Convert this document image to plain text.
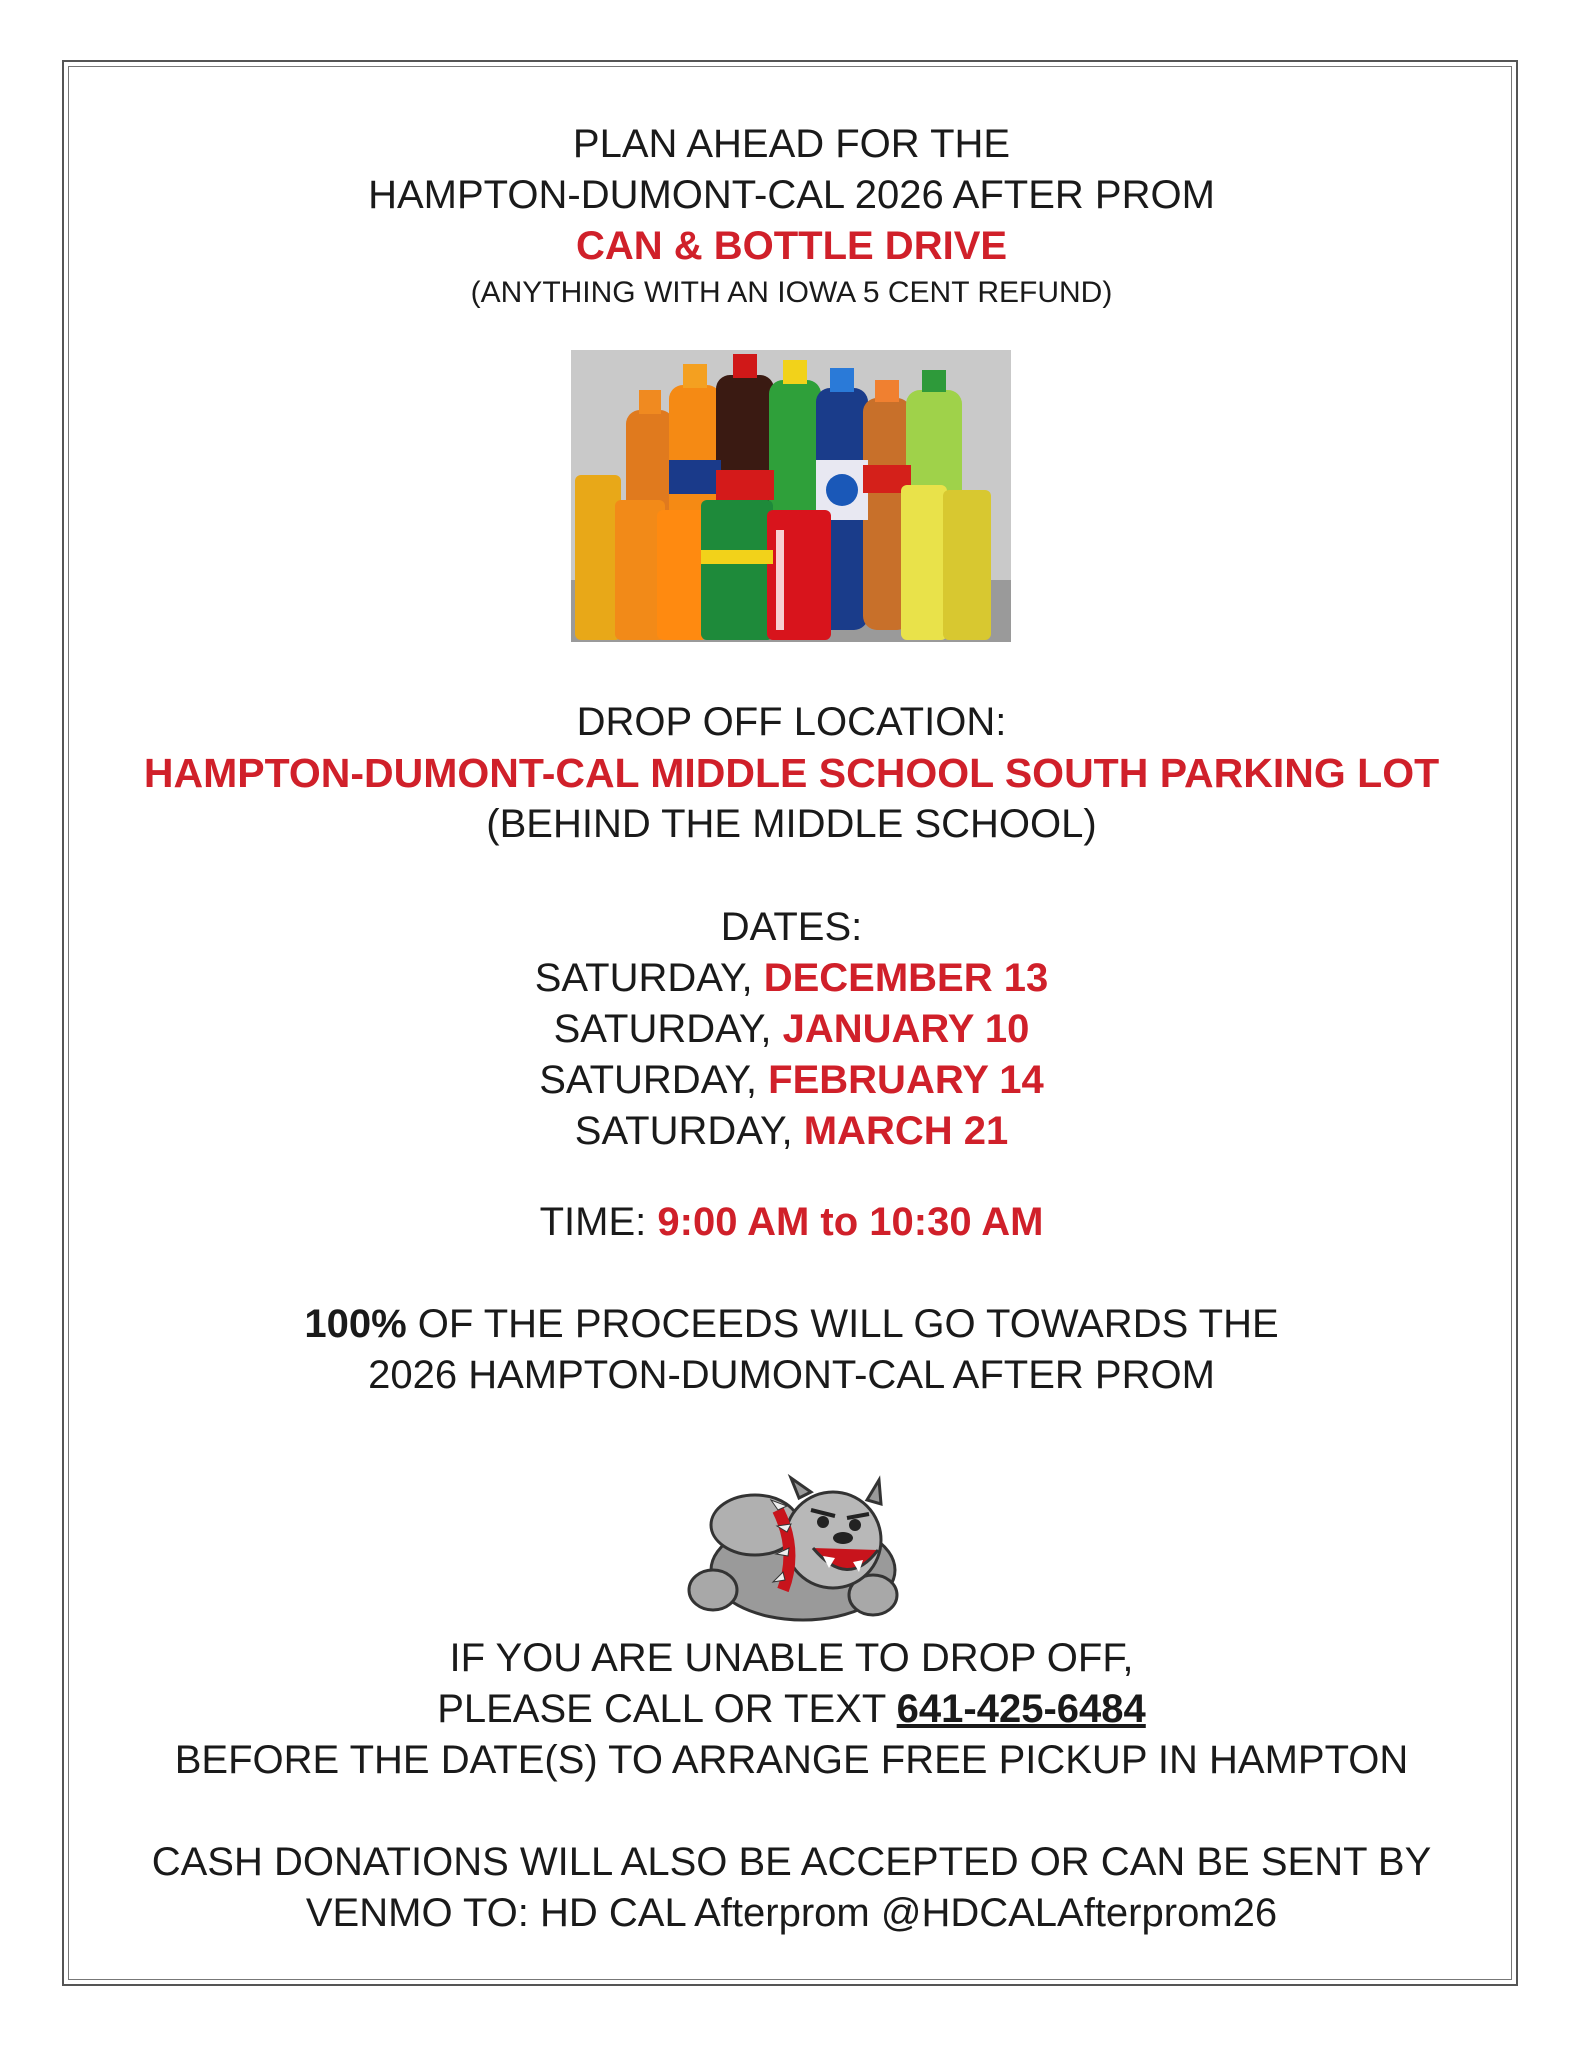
PLAN AHEAD FOR THE
HAMPTON-DUMONT-CAL 2026 AFTER PROM
CAN & BOTTLE DRIVE
(ANYTHING WITH AN IOWA 5 CENT REFUND)
DROP OFF LOCATION:
HAMPTON-DUMONT-CAL MIDDLE SCHOOL SOUTH PARKING LOT
(BEHIND THE MIDDLE SCHOOL)
DATES:
SATURDAY, DECEMBER 13
SATURDAY, JANUARY 10
SATURDAY, FEBRUARY 14
SATURDAY, MARCH 21
TIME: 9:00 AM to 10:30 AM
100% OF THE PROCEEDS WILL GO TOWARDS THE
2026 HAMPTON-DUMONT-CAL AFTER PROM
IF YOU ARE UNABLE TO DROP OFF,
PLEASE CALL OR TEXT 641-425-6484
BEFORE THE DATE(S) TO ARRANGE FREE PICKUP IN HAMPTON
CASH DONATIONS WILL ALSO BE ACCEPTED OR CAN BE SENT BY
VENMO TO: HD CAL Afterprom @HDCALAfterprom26
